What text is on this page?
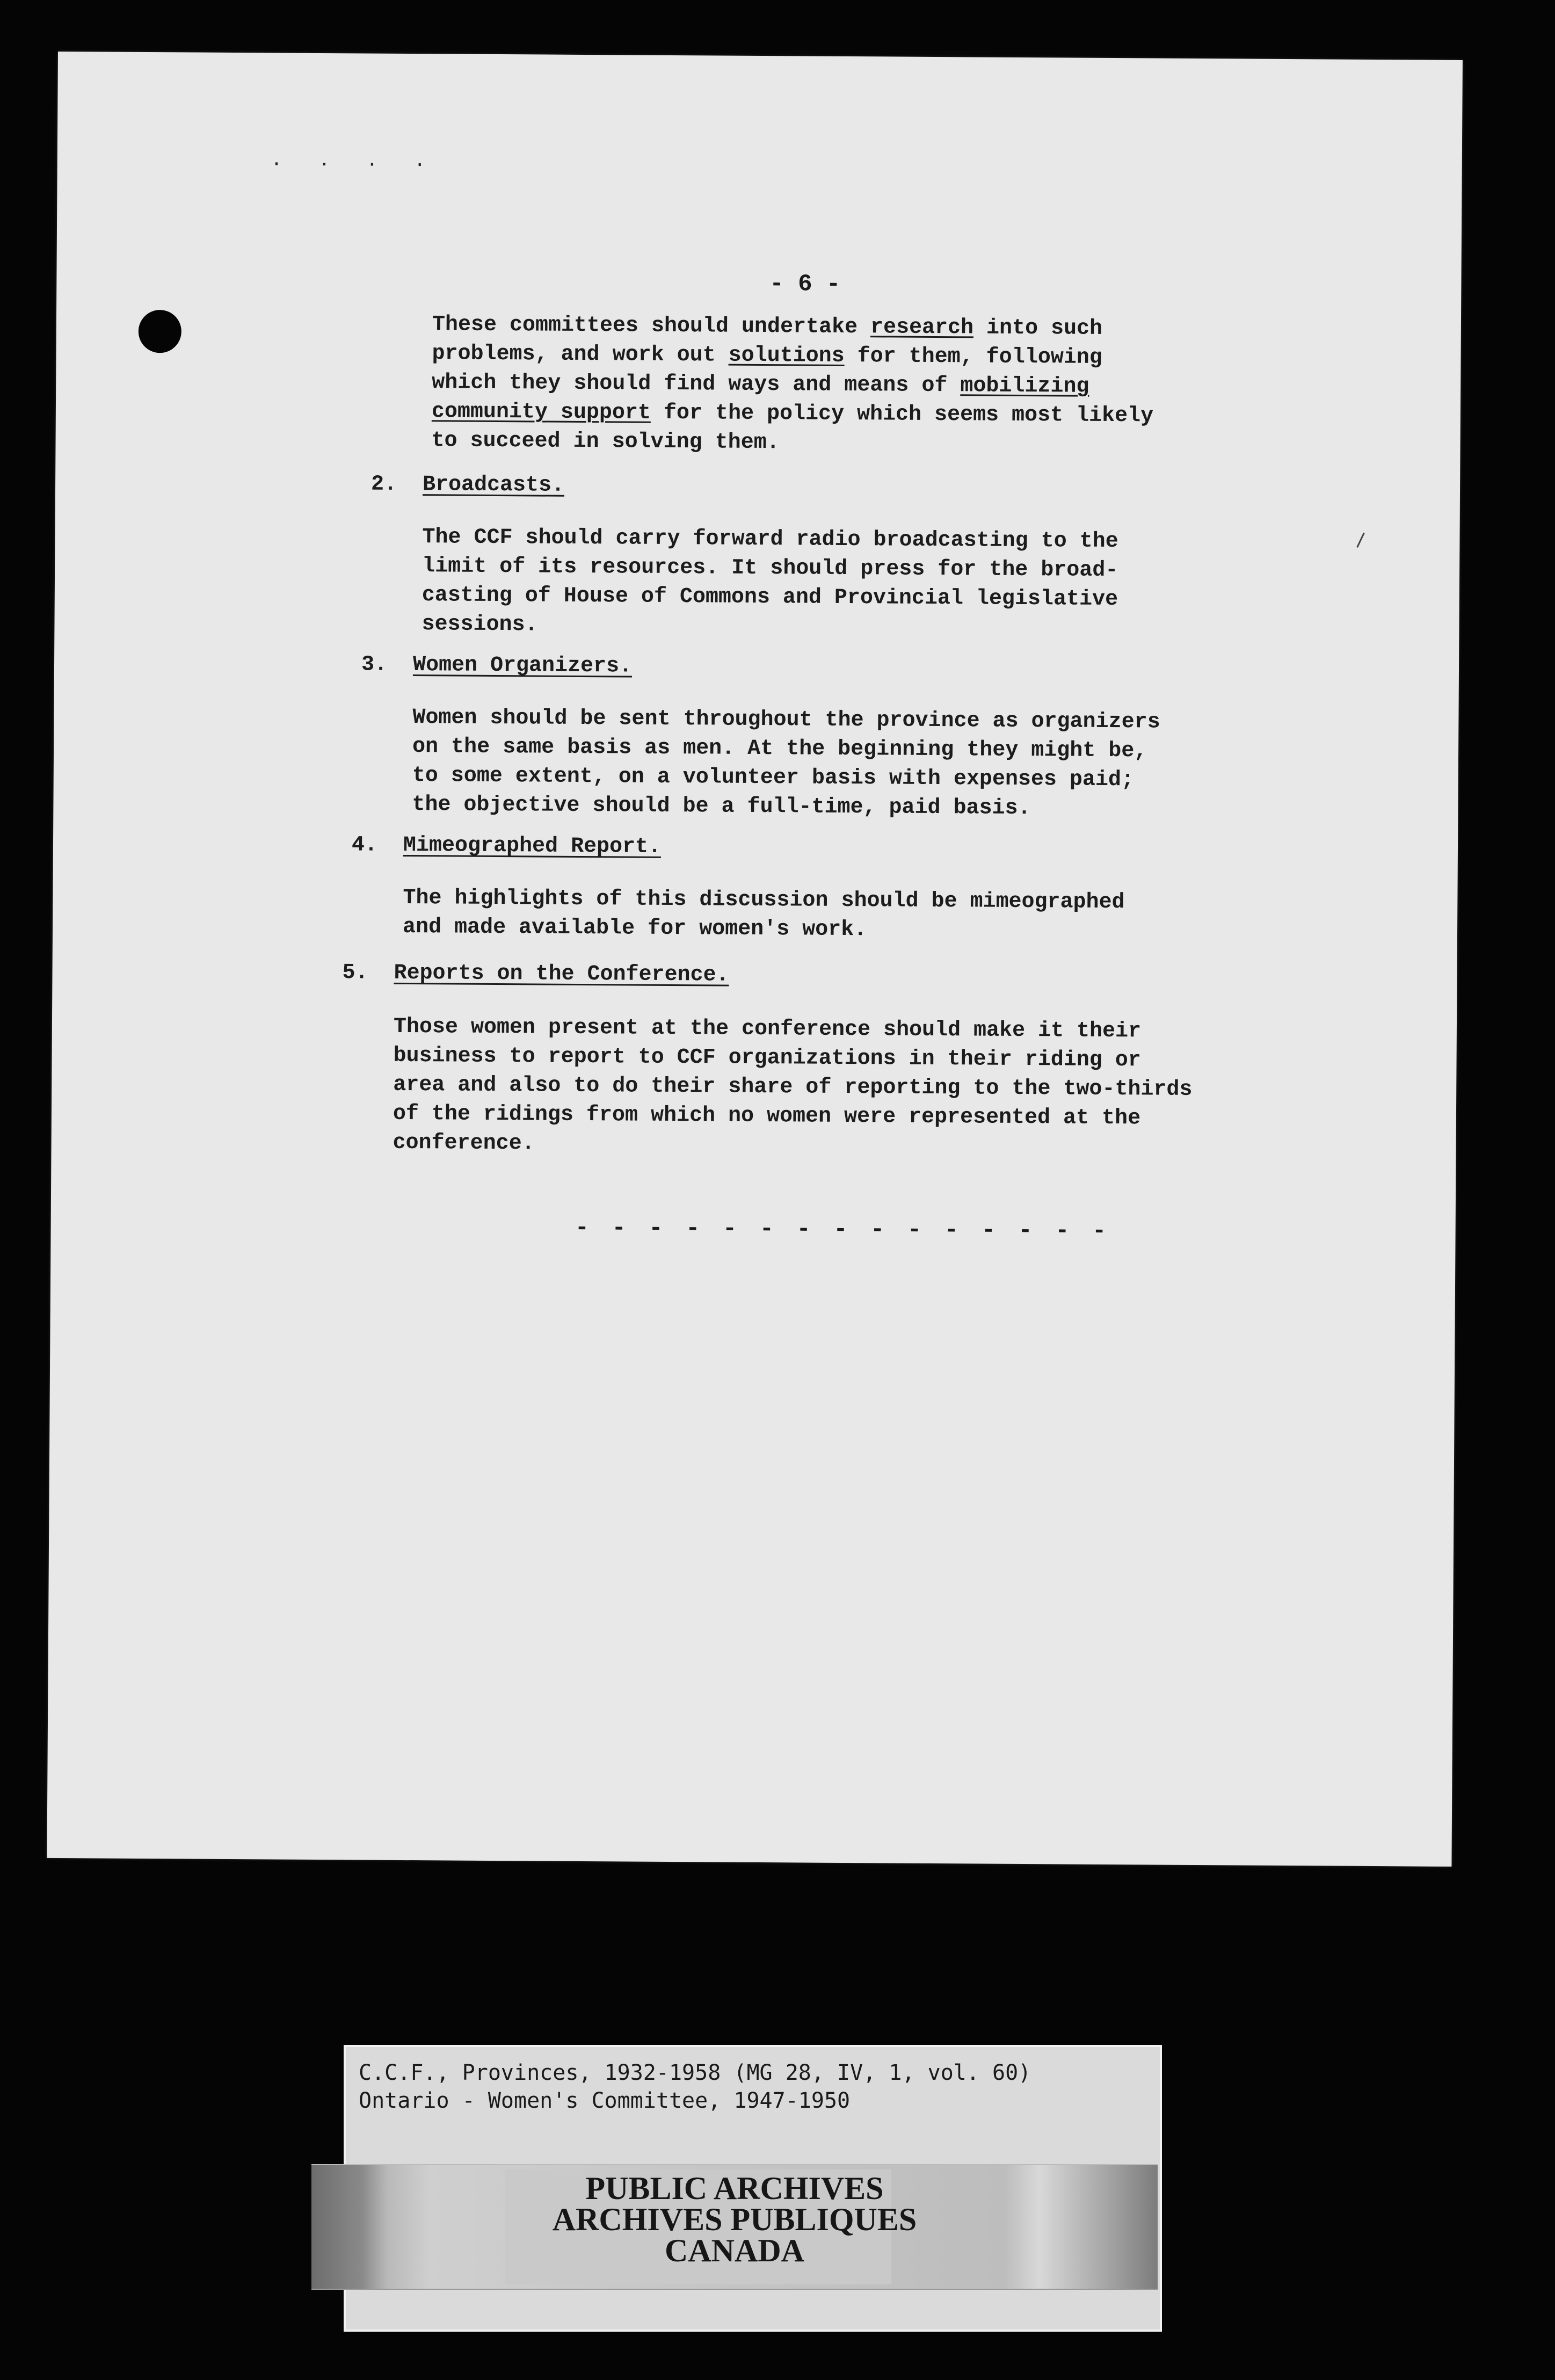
. . . .
- 6 -
These committees should undertake research into such
problems, and work out solutions for them, following
which they should find ways and means of mobilizing
community support for the policy which seems most likely
to succeed in solving them.
2. Broadcasts.
The CCF should carry forward radio broadcasting to the
limit of its resources. It should press for the broad-
casting of House of Commons and Provincial legislative
sessions.
3. Women Organizers.
Women should be sent throughout the province as organizers
on the same basis as men. At the beginning they might be,
to some extent, on a volunteer basis with expenses paid;
the objective should be a full-time, paid basis.
4. Mimeographed Report.
The highlights of this discussion should be mimeographed
and made available for women's work.
5. Reports on the Conference.
Those women present at the conference should make it their
business to report to CCF organizations in their riding or
area and also to do their share of reporting to the two-thirds
of the ridings from which no women were represented at the
conference.
- - - - - - - - - - - - - - -
C.C.F., Provinces, 1932-1958 (MG 28, IV, 1, vol. 60)
Ontario - Women's Committee, 1947-1950
PUBLIC ARCHIVES
ARCHIVES PUBLIQUES
CANADA
